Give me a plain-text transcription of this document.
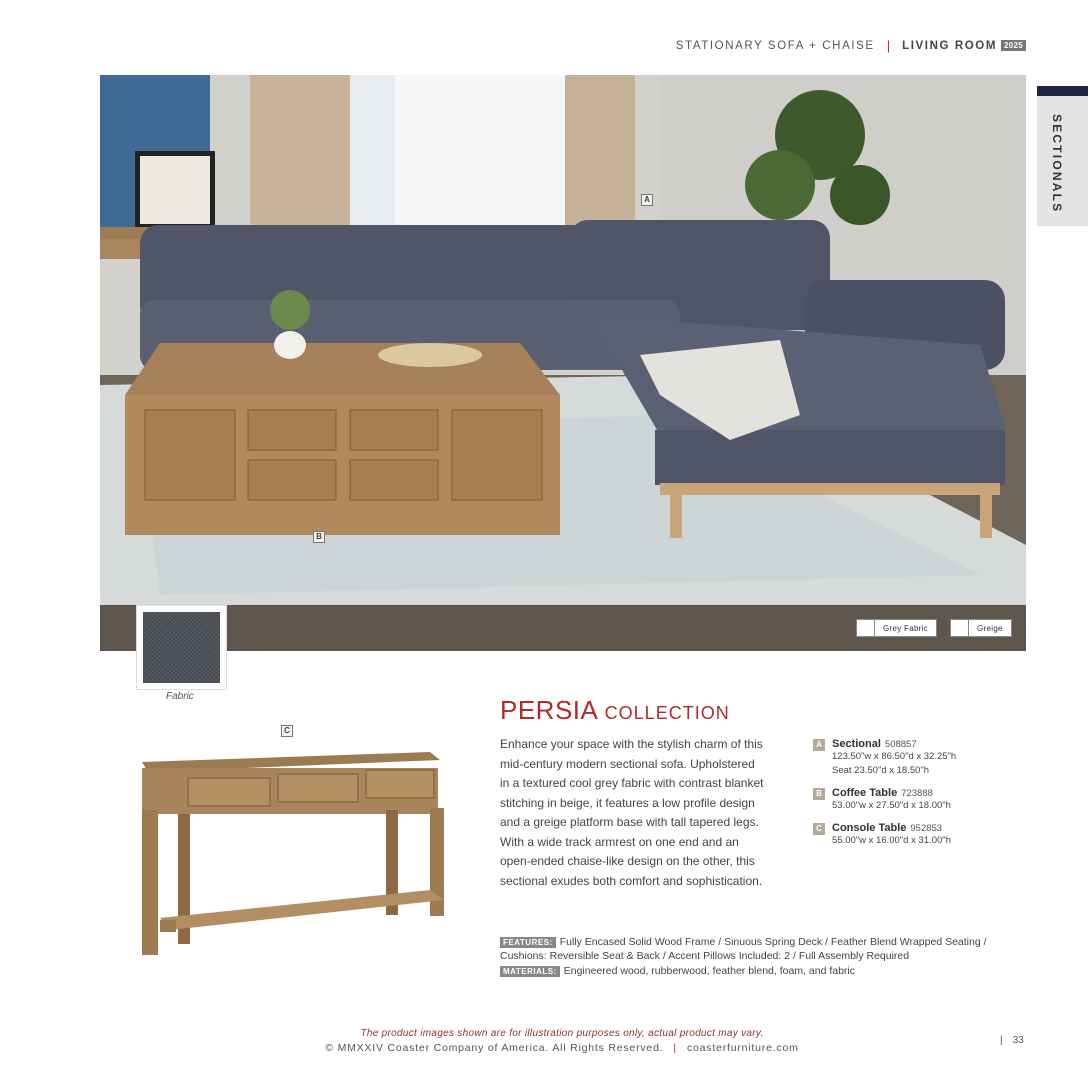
STATIONARY SOFA + CHAISE | LIVING ROOM 2025
SECTIONALS
A
B
Grey Fabric	Greige
Fabric
C
PERSIA COLLECTION
Enhance your space with the stylish charm of this mid-century modern sectional sofa. Upholstered in a textured cool grey fabric with contrast blanket stitching in beige, it features a low profile design and a greige platform base with tall tapered legs. With a wide track armrest on one end and an open-ended chaise-like design on the other, this sectional exudes both comfort and sophistication.
A Sectional 508857
123.50"w x 86.50"d x 32.25"h
Seat 23.50"d x 18.50"h
B Coffee Table 723888
53.00"w x 27.50"d x 18.00"h
C Console Table 952853
55.00"w x 16.00"d x 31.00"h
FEATURES: Fully Encased Solid Wood Frame / Sinuous Spring Deck / Feather Blend Wrapped Seating / Cushions: Reversible Seat & Back / Accent Pillows Included: 2 / Full Assembly Required
MATERIALS: Engineered wood, rubberwood, feather blend, foam, and fabric
The product images shown are for illustration purposes only, actual product may vary.
© MMXXIV Coaster Company of America. All Rights Reserved. | coasterfurniture.com
| 33
